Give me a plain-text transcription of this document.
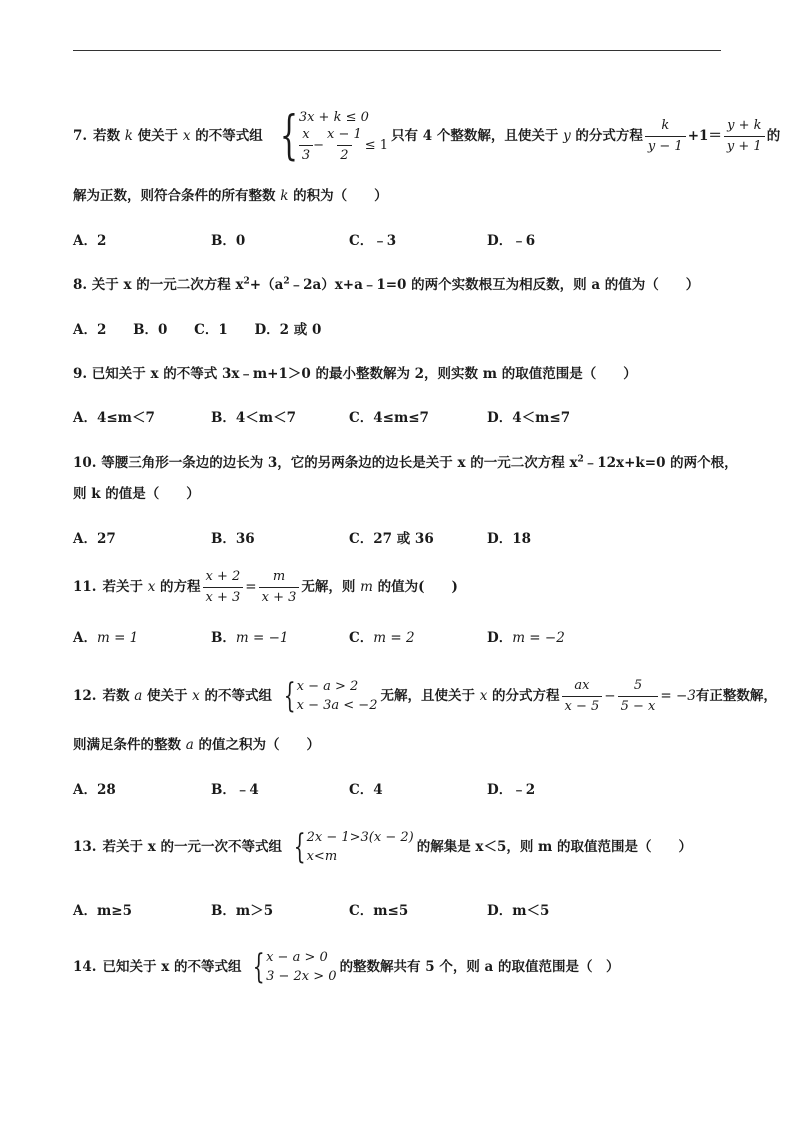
7. 若数 k 使关于 x 的不等式组 { 3x + k ≤ 0
$\frac{x}{3} - \frac{x - 1}{2} \le 1$
只有 4 个整数解，且使关于 y 的分式方程 $\frac{k}{y - 1} +1= \frac{y + k}{y + 1}$ 的
解为正数，则符合条件的所有整数 k 的积为（　　）
A．2	B．0	C．﹣3	D．﹣6
8. 关于 x 的一元二次方程 $x^2+(a^2﹣2a)x+a﹣1=0$ 的两个实数根互为相反数，则 a 的值为（　　）
A．2 B．0 C．1 D．2 或 0
9. 已知关于 x 的不等式 3x﹣m+1＞0 的最小整数解为 2，则实数 m 的取值范围是（　　）
A．4≤m＜7	B．4＜m＜7	C．4≤m≤7	D．4＜m≤7
10. 等腰三角形一条边的边长为 3，它的另两条边的边长是关于 x 的一元二次方程 $x^2﹣12x+k=0$ 的两个根，
则 k 的值是（　　）
A．27	B．36	C．27 或 36	D．18
11. 若关于 x 的方程 $\frac{x + 2}{x + 3} = \frac{m}{x + 3}$ 无解，则 m 的值为(　　)
A．m = 1	B．m = −1	C．m = 2	D．m = −2
12. 若数 a 使关于 x 的不等式组 { x − a > 2
x − 3a < −2
无解，且使关于 x 的分式方程 $\frac{ax}{x - 5} - \frac{5}{5 - x} = -3$ 有正整数解，
则满足条件的整数 a 的值之积为（　　）
A．28	B．﹣4	C．4	D．﹣2
13. 若关于 x 的一元一次不等式组 { 2x − 1>3(x − 2)
x<m
的解集是 x＜5，则 m 的取值范围是（　　）
A．m≥5	B．m＞5	C．m≤5	D．m＜5
14. 已知关于 x 的不等式组 { x − a > 0
3 − 2x > 0
的整数解共有 5 个，则 a 的取值范围是（　）
